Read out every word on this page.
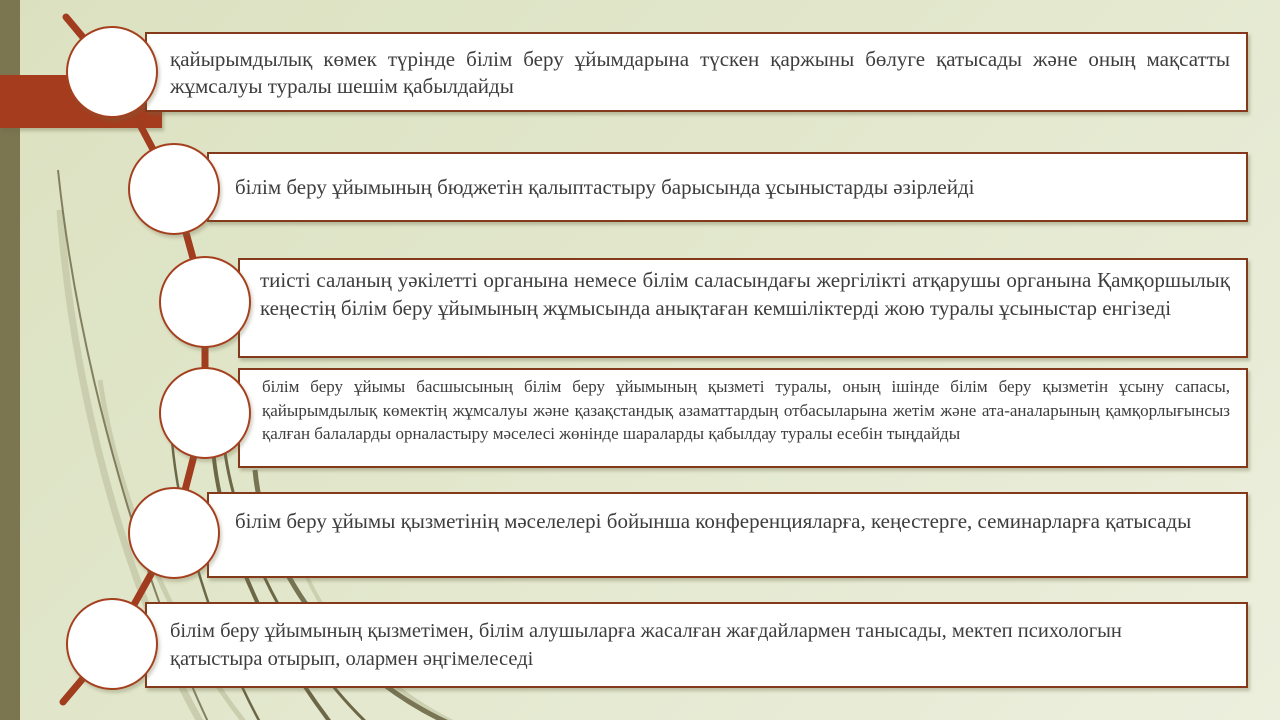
қайырымдылық көмек түрінде білім беру ұйымдарына түскен қаржыны бөлуге қатысады және оның мақсатты жұмсалуы туралы шешім қабылдайды

білім беру ұйымының бюджетін қалыптастыру барысында ұсыныстарды әзірлейді

тиісті саланың уәкілетті органына немесе білім саласындағы жергілікті атқарушы органына Қамқоршылық кеңестің білім беру ұйымының жұмысында анықтаған кемшіліктерді жою туралы ұсыныстар енгізеді

білім беру ұйымы басшысының білім беру ұйымының қызметі туралы, оның ішінде білім беру қызметін ұсыну сапасы, қайырымдылық көмектің жұмсалуы және қазақстандық азаматтардың отбасыларына жетім және ата-аналарының қамқорлығынсыз қалған балаларды орналастыру мәселесі жөнінде шараларды қабылдау туралы есебін тыңдайды

білім беру ұйымы қызметінің мәселелері бойынша конференцияларға, кеңестерге, семинарларға қатысады

білім беру ұйымының қызметімен, білім алушыларға жасалған жағдайлармен танысады, мектеп психологын қатыстыра отырып, олармен әңгімелеседі
